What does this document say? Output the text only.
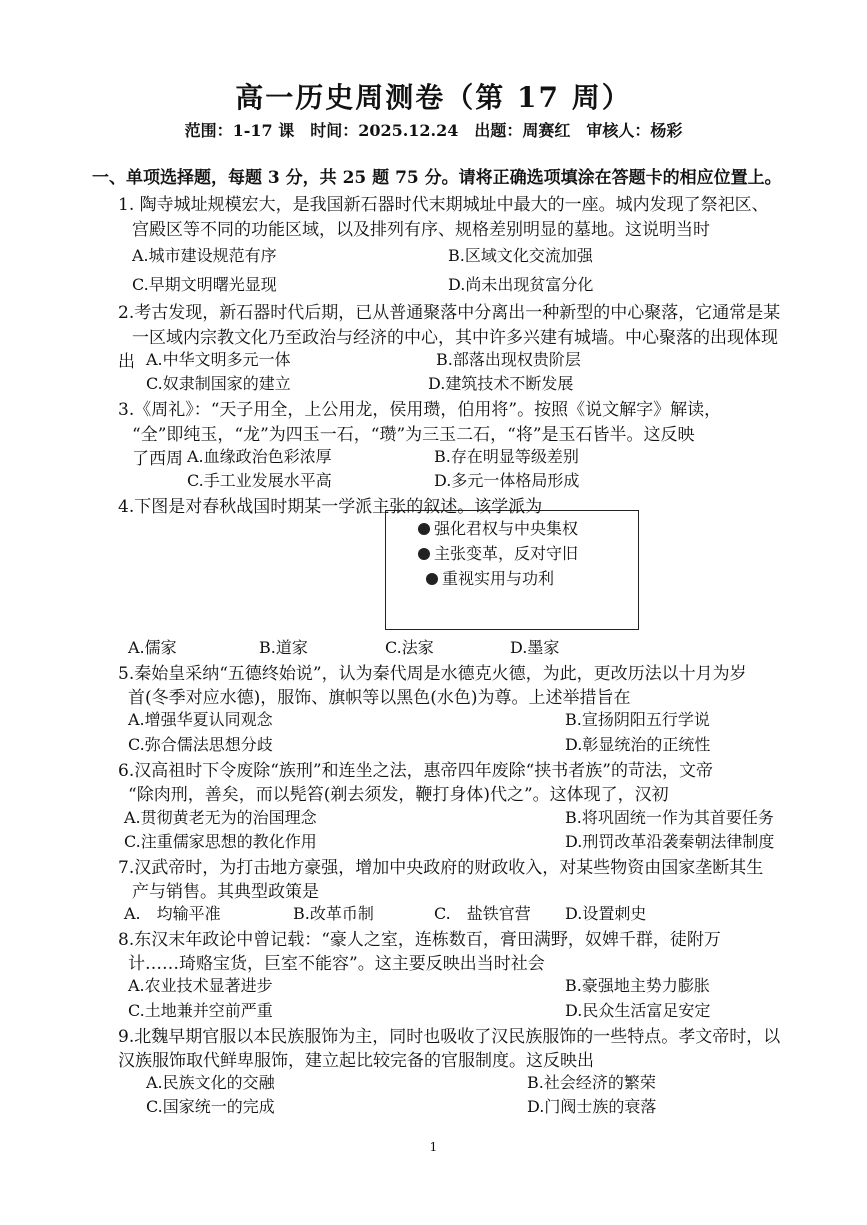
高一历史周测卷（第 17 周）
范围：1-17 课　时间：2025.12.24　出题：周赛红　审核人：杨彩
一、单项选择题，每题 3 分，共 25 题 75 分。请将正确选项填涂在答题卡的相应位置上。
1. 陶寺城址规模宏大，是我国新石器时代末期城址中最大的一座。城内发现了祭祀区、
宫殿区等不同的功能区域，以及排列有序、规格差别明显的墓地。这说明当时
A.城市建设规范有序	B.区域文化交流加强
C.早期文明曙光显现	D.尚未出现贫富分化
2.考古发现，新石器时代后期，已从普通聚落中分离出一种新型的中心聚落，它通常是某
一区域内宗教文化乃至政治与经济的中心，其中许多兴建有城墙。中心聚落的出现体现
出 A.中华文明多元一体	B.部落出现权贵阶层
C.奴隶制国家的建立	D.建筑技术不断发展
3.《周礼》：“天子用全，上公用龙，侯用瓒，伯用将”。按照《说文解字》解读，
“全”即纯玉，“龙”为四玉一石，“瓒”为三玉二石，“将”是玉石皆半。这反映
了西周 A.血缘政治色彩浓厚	B.存在明显等级差别
C.手工业发展水平高	D.多元一体格局形成
4.下图是对春秋战国时期某一学派主张的叙述。该学派为
强化君权与中央集权
主张变革，反对守旧
重视实用与功利
A.儒家	B.道家	C.法家	D.墨家
5.秦始皇采纳“五德终始说”，认为秦代周是水德克火德，为此，更改历法以十月为岁
首(冬季对应水德)，服饰、旗帜等以黑色(水色)为尊。上述举措旨在
A.增强华夏认同观念	B.宣扬阴阳五行学说
C.弥合儒法思想分歧	D.彰显统治的正统性
6.汉高祖时下令废除“族刑”和连坐之法，惠帝四年废除“挟书者族”的苛法，文帝
“除肉刑，善矣，而以髡笞(剃去须发，鞭打身体)代之”。这体现了，汉初
A.贯彻黄老无为的治国理念	B.将巩固统一作为其首要任务
C.注重儒家思想的教化作用	D.刑罚改革沿袭秦朝法律制度
7.汉武帝时，为打击地方豪强，增加中央政府的财政收入，对某些物资由国家垄断其生
产与销售。其典型政策是
A.　均输平准	B.改革币制	C.　盐铁官营 D.设置刺史
8.东汉末年政论中曾记载：“豪人之室，连栋数百，膏田满野，奴婢千群，徒附万
计……琦赂宝货，巨室不能容”。这主要反映出当时社会
A.农业技术显著进步	B.豪强地主势力膨胀
C.土地兼并空前严重	D.民众生活富足安定
9.北魏早期官服以本民族服饰为主，同时也吸收了汉民族服饰的一些特点。孝文帝时，以
汉族服饰取代鲜卑服饰，建立起比较完备的官服制度。这反映出
A.民族文化的交融	B.社会经济的繁荣
C.国家统一的完成	D.门阀士族的衰落
1
